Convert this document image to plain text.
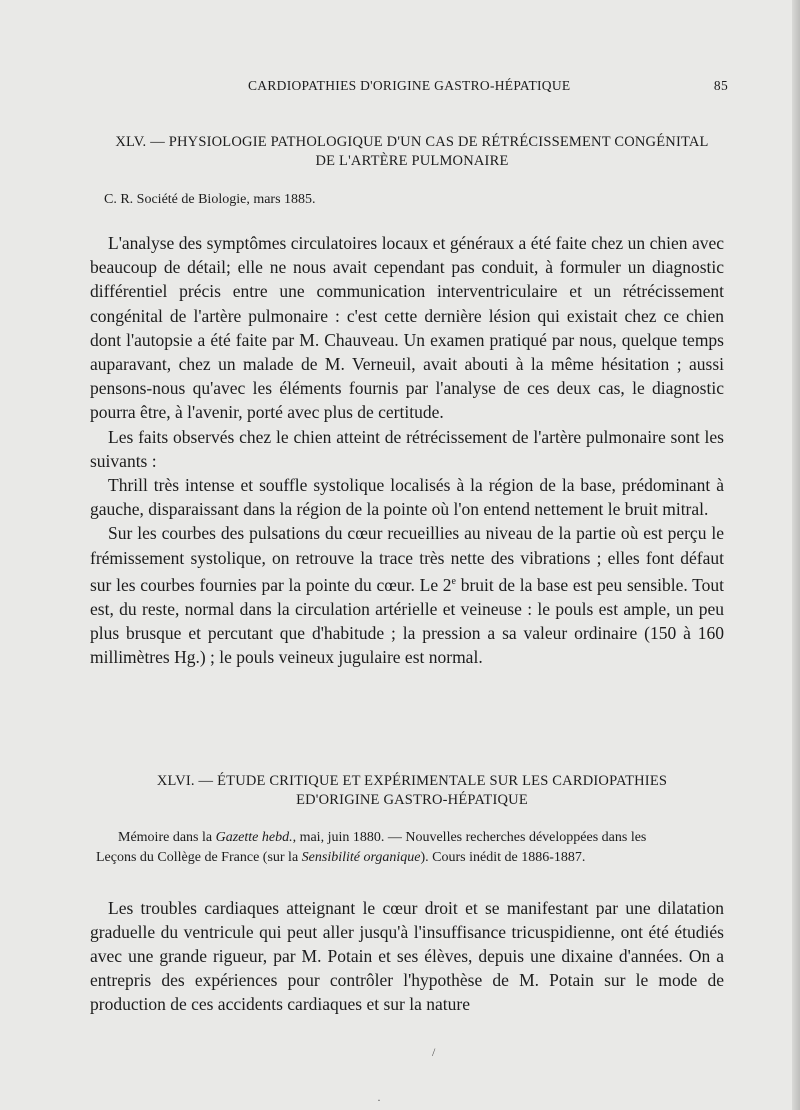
CARDIOPATHIES D'ORIGINE GASTRO-HÉPATIQUE	85
XLV. — PHYSIOLOGIE PATHOLOGIQUE D'UN CAS DE RÉTRÉCISSEMENT CONGÉNITAL
DE L'ARTÈRE PULMONAIRE
C. R. Société de Biologie, mars 1885.

L'analyse des symptômes circulatoires locaux et généraux a été faite chez un chien avec beaucoup de détail; elle ne nous avait cependant pas conduit, à formuler un diagnostic différentiel précis entre une communication interventriculaire et un rétrécissement congénital de l'artère pulmonaire : c'est cette dernière lésion qui existait chez ce chien dont l'autopsie a été faite par M. Chauveau. Un examen pratiqué par nous, quelque temps auparavant, chez un malade de M. Verneuil, avait abouti à la même hésitation ; aussi pensons-nous qu'avec les éléments fournis par l'analyse de ces deux cas, le diagnostic pourra être, à l'avenir, porté avec plus de certitude.

Les faits observés chez le chien atteint de rétrécissement de l'artère pulmonaire sont les suivants :

Thrill très intense et souffle systolique localisés à la région de la base, prédominant à gauche, disparaissant dans la région de la pointe où l'on entend nettement le bruit mitral.

Sur les courbes des pulsations du cœur recueillies au niveau de la partie où est perçu le frémissement systolique, on retrouve la trace très nette des vibrations ; elles font défaut sur les courbes fournies par la pointe du cœur. Le 2e bruit de la base est peu sensible. Tout est, du reste, normal dans la circulation artérielle et veineuse : le pouls est ample, un peu plus brusque et percutant que d'habitude ; la pression a sa valeur ordinaire (150 à 160 millimètres Hg.) ; le pouls veineux jugulaire est normal.

XLVI. — ÉTUDE CRITIQUE ET EXPÉRIMENTALE SUR LES CARDIOPATHIES
ED'ORIGINE GASTRO-HÉPATIQUE
Mémoire dans la Gazette hebd., mai, juin 1880. — Nouvelles recherches développées dans les
Leçons du Collège de France (sur la Sensibilité organique). Cours inédit de 1886-1887.

Les troubles cardiaques atteignant le cœur droit et se manifestant par une dilatation graduelle du ventricule qui peut aller jusqu'à l'insuffisance tricuspidienne, ont été étudiés avec une grande rigueur, par M. Potain et ses élèves, depuis une dixaine d'années. On a entrepris des expériences pour contrôler l'hypothèse de M. Potain sur le mode de production de ces accidents cardiaques et sur la nature

/
·
